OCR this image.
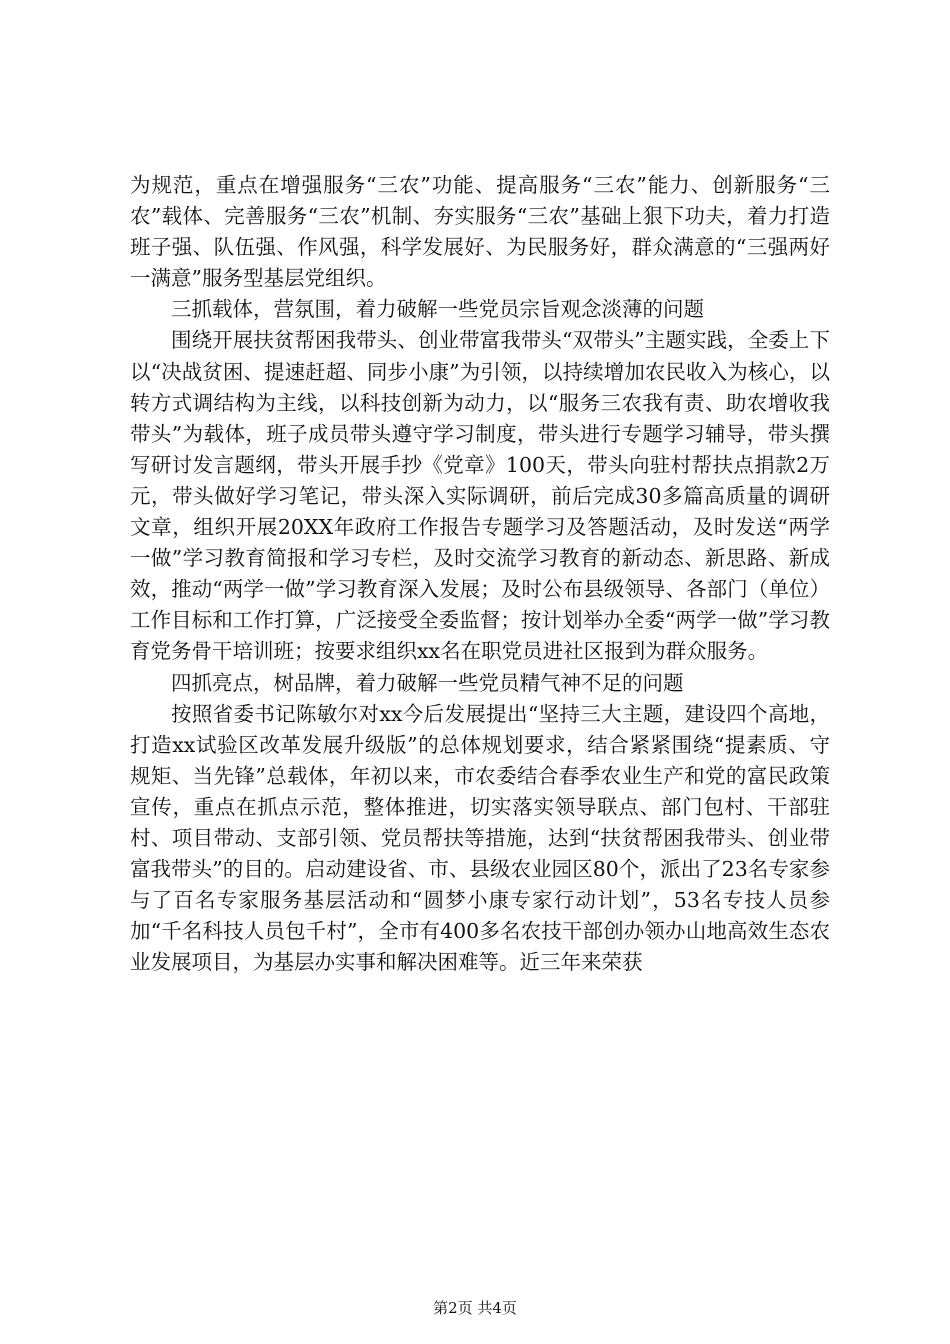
为规范，重点在增强服务“三农”功能、提高服务“三农”能力、创新服务“三农”载体、完善服务“三农”机制、夯实服务“三农”基础上狠下功夫，着力打造班子强、队伍强、作风强，科学发展好、为民服务好，群众满意的“三强两好一满意”服务型基层党组织。

三抓载体，营氛围，着力破解一些党员宗旨观念淡薄的问题

围绕开展扶贫帮困我带头、创业带富我带头“双带头”主题实践，全委上下以“决战贫困、提速赶超、同步小康”为引领，以持续增加农民收入为核心，以转方式调结构为主线，以科技创新为动力，以“服务三农我有责、助农增收我带头”为载体，班子成员带头遵守学习制度，带头进行专题学习辅导，带头撰写研讨发言题纲，带头开展手抄《党章》100天，带头向驻村帮扶点捐款2万元，带头做好学习笔记，带头深入实际调研，前后完成30多篇高质量的调研文章，组织开展20XX年政府工作报告专题学习及答题活动，及时发送“两学一做”学习教育简报和学习专栏，及时交流学习教育的新动态、新思路、新成效，推动“两学一做”学习教育深入发展；及时公布县级领导、各部门（单位）工作目标和工作打算，广泛接受全委监督；按计划举办全委“两学一做”学习教育党务骨干培训班；按要求组织xx名在职党员进社区报到为群众服务。

四抓亮点，树品牌，着力破解一些党员精气神不足的问题

按照省委书记陈敏尔对xx今后发展提出“坚持三大主题，建设四个高地，打造xx试验区改革发展升级版”的总体规划要求，结合紧紧围绕“提素质、守规矩、当先锋”总载体，年初以来，市农委结合春季农业生产和党的富民政策宣传，重点在抓点示范，整体推进，切实落实领导联点、部门包村、干部驻村、项目带动、支部引领、党员帮扶等措施，达到“扶贫帮困我带头、创业带富我带头”的目的。启动建设省、市、县级农业园区80个，派出了23名专家参与了百名专家服务基层活动和“圆梦小康专家行动计划”，53名专技人员参加“千名科技人员包千村”，全市有400多名农技干部创办领办山地高效生态农业发展项目，为基层办实事和解决困难等。近三年来荣获

第2页 共4页
